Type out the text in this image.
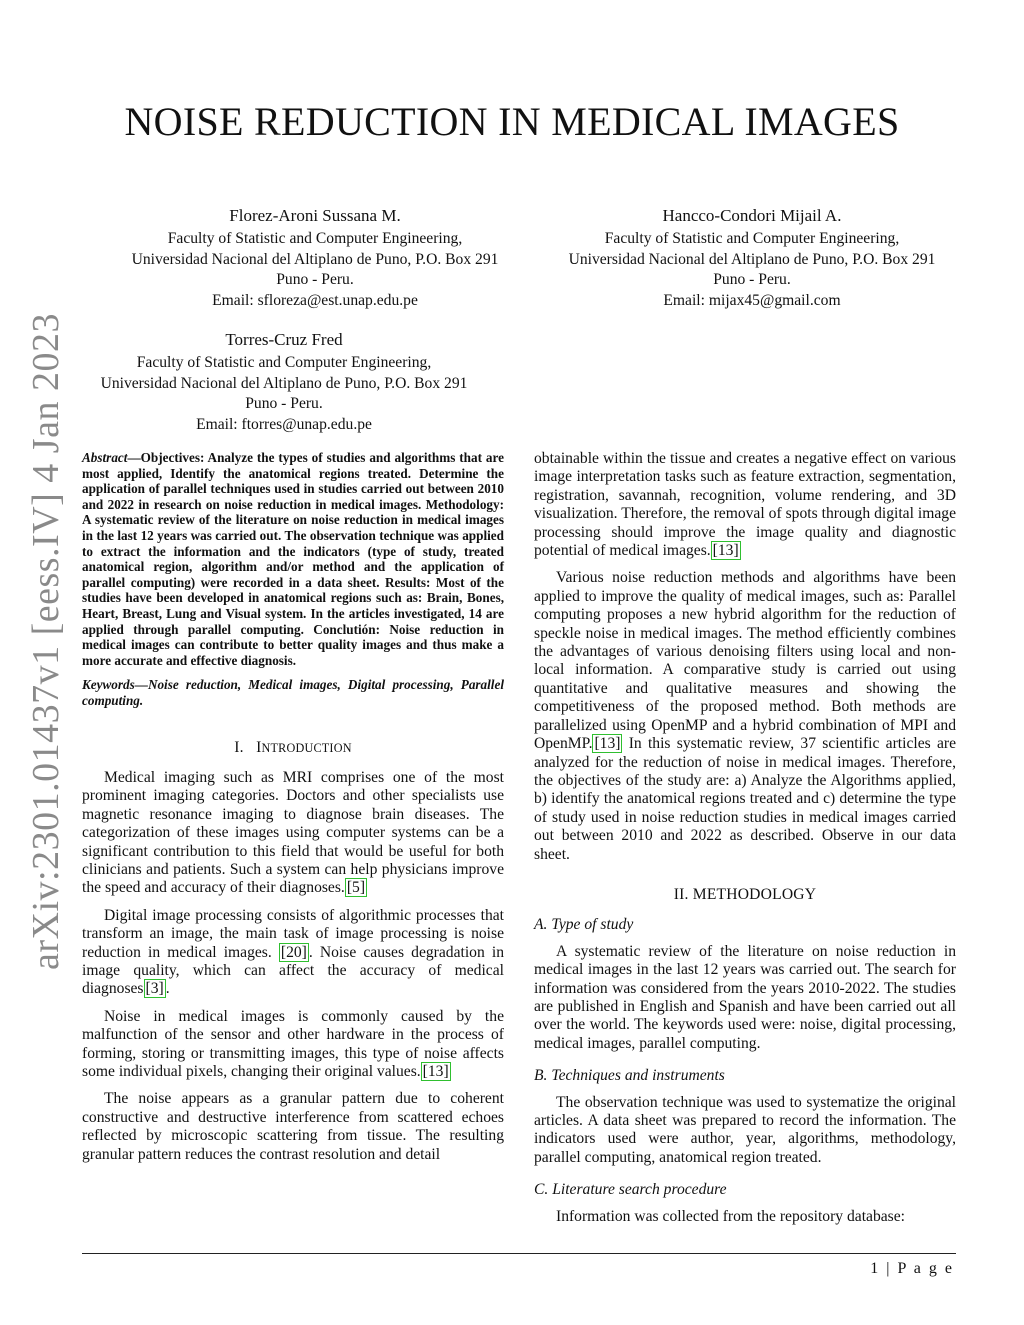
arXiv:2301.01437v1 [eess.IV] 4 Jan 2023
NOISE REDUCTION IN MEDICAL IMAGES
Florez-Aroni Sussana M.
Faculty of Statistic and Computer Engineering,
Universidad Nacional del Altiplano de Puno, P.O. Box 291
Puno - Peru.
Email: sfloreza@est.unap.edu.pe
Hancco-Condori Mijail A.
Faculty of Statistic and Computer Engineering,
Universidad Nacional del Altiplano de Puno, P.O. Box 291
Puno - Peru.
Email: mijax45@gmail.com
Torres-Cruz Fred
Faculty of Statistic and Computer Engineering,
Universidad Nacional del Altiplano de Puno, P.O. Box 291
Puno - Peru.
Email: ftorres@unap.edu.pe
Abstract—Objectives: Analyze the types of studies and algorithms that are most applied, Identify the anatomical regions treated. Determine the application of parallel techniques used in studies carried out between 2010 and 2022 in research on noise reduction in medical images. Methodology: A systematic review of the literature on noise reduction in medical images in the last 12 years was carried out. The observation technique was applied to extract the information and the indicators (type of study, treated anatomical region, algorithm and/or method and the application of parallel computing) were recorded in a data sheet. Results: Most of the studies have been developed in anatomical regions such as: Brain, Bones, Heart, Breast, Lung and Visual system. In the articles investigated, 14 are applied through parallel computing. Conclutión: Noise reduction in medical images can contribute to better quality images and thus make a more accurate and effective diagnosis.
Keywords—Noise reduction, Medical images, Digital processing, Parallel computing.
I. INTRODUCTION

Medical imaging such as MRI comprises one of the most prominent imaging categories. Doctors and other specialists use magnetic resonance imaging to diagnose brain diseases. The categorization of these images using computer systems can be a significant contribution to this field that would be useful for both clinicians and patients. Such a system can help physicians improve the speed and accuracy of their diagnoses. [5]

Digital image processing consists of algorithmic processes that transform an image, the main task of image processing is noise reduction in medical images. [20] . Noise causes degradation in image quality, which can affect the accuracy of medical diagnoses [3] .

Noise in medical images is commonly caused by the malfunction of the sensor and other hardware in the process of forming, storing or transmitting images, this type of noise affects some individual pixels, changing their original values. [13]

The noise appears as a granular pattern due to coherent constructive and destructive interference from scattered echoes reflected by microscopic scattering from tissue. The resulting granular pattern reduces the contrast resolution and detail

obtainable within the tissue and creates a negative effect on various image interpretation tasks such as feature extraction, segmentation, registration, savannah, recognition, volume rendering, and 3D visualization. Therefore, the removal of spots through digital image processing should improve the image quality and diagnostic potential of medical images. [13]

Various noise reduction methods and algorithms have been applied to improve the quality of medical images, such as: Parallel computing proposes a new hybrid algorithm for the reduction of speckle noise in medical images. The method efficiently combines the advantages of various denoising filters using local and non-local information. A comparative study is carried out using quantitative and qualitative measures and showing the competitiveness of the proposed method. Both methods are parallelized using OpenMP and a hybrid combination of MPI and OpenMP. [13] In this systematic review, 37 scientific articles are analyzed for the reduction of noise in medical images. Therefore, the objectives of the study are: a) Analyze the Algorithms applied, b) identify the anatomical regions treated and c) determine the type of study used in noise reduction studies in medical images carried out between 2010 and 2022 as described. Observe in our data sheet.

II. METHODOLOGY
A. Type of study

A systematic review of the literature on noise reduction in medical images in the last 12 years was carried out. The search for information was considered from the years 2010-2022. The studies are published in English and Spanish and have been carried out all over the world. The keywords used were: noise, digital processing, medical images, parallel computing.

B. Techniques and instruments

The observation technique was used to systematize the original articles. A data sheet was prepared to record the information. The indicators used were author, year, algorithms, methodology, parallel computing, anatomical region treated.

C. Literature search procedure

Information was collected from the repository database:

1 | P a g e
